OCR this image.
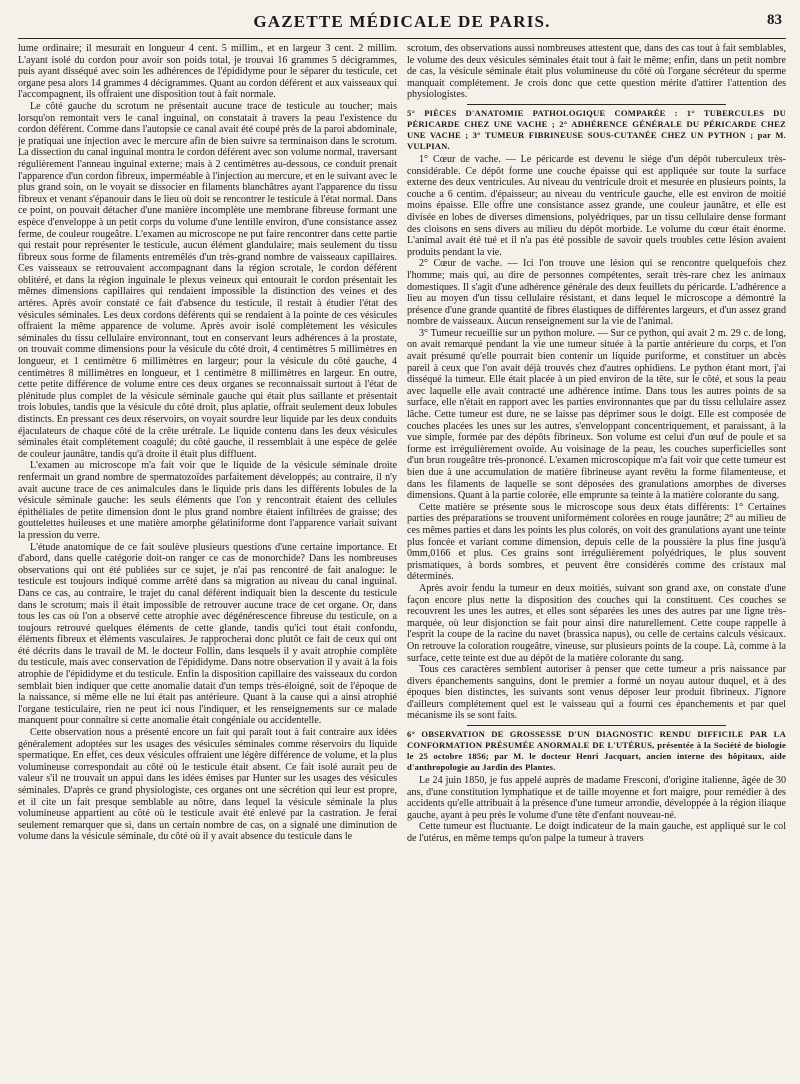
GAZETTE MÉDICALE DE PARIS.	83

lume ordinaire; il mesurait en longueur 4 cent. 5 millim., et en largeur 3 cent. 2 millim. L'ayant isolé du cordon pour avoir son poids total, je trouvai 16 grammes 5 décigrammes, puis ayant disséqué avec soin les adhérences de l'épididyme pour le séparer du testicule, cet organe pesa alors 14 grammes 4 décigrammes. Quant au cordon déférent et aux vaisseaux qui l'accompagnent, ils offraient une disposition tout à fait normale.

Le côté gauche du scrotum ne présentait aucune trace de testicule au toucher; mais lorsqu'on remontait vers le canal inguinal, on constatait à travers la peau l'existence du cordon déférent. Comme dans l'autopsie ce canal avait été coupé près de la paroi abdominale, je pratiquai une injection avec le mercure afin de bien suivre sa terminaison dans le scrotum. La dissection du canal inguinal montra le cordon déférent avec son volume normal, traversant régulièrement l'anneau inguinal externe; mais à 2 centimètres au-dessous, ce conduit prenait l'apparence d'un cordon fibreux, imperméable à l'injection au mercure, et en le suivant avec le plus grand soin, on le voyait se dissocier en filaments blanchâtres ayant l'apparence du tissu fibreux et venant s'épanouir dans le lieu où doit se rencontrer le testicule à l'état normal. Dans ce point, on pouvait détacher d'une manière incomplète une membrane fibreuse formant une espèce d'enveloppe à un petit corps du volume d'une lentille environ, d'une consistance assez ferme, de couleur rougeâtre. L'examen au microscope ne put faire rencontrer dans cette partie qui restait pour représenter le testicule, aucun élément glandulaire; mais seulement du tissu fibreux sous forme de filaments entremêlés d'un très-grand nombre de vaisseaux capillaires. Ces vaisseaux se retrouvaient accompagnant dans la région scrotale, le cordon déférent oblitéré, et dans la région inguinale le plexus veineux qui entourait le cordon présentait les mêmes dimensions capillaires qui rendaient impossible la distinction des veines et des artères. Après avoir constaté ce fait d'absence du testicule, il restait à étudier l'état des vésicules séminales. Les deux cordons déférents qui se rendaient à la pointe de ces vésicules offraient la même apparence de volume. Après avoir isolé complètement les vésicules séminales du tissu cellulaire environnant, tout en conservant leurs adhérences à la prostate, on trouvait comme dimensions pour la vésicule du côté droit, 4 centimètres 5 millimètres en longueur, et 1 centimètre 6 millimètres en largeur; pour la vésicule du côté gauche, 4 centimètres 8 millimètres en longueur, et 1 centimètre 8 millimètres en largeur. En outre, cette petite différence de volume entre ces deux organes se reconnaissait surtout à l'état de plénitude plus complet de la vésicule séminale gauche qui était plus saillante et présentait trois lobules, tandis que la vésicule du côté droit, plus aplatie, offrait seulement deux lobules distincts. En pressant ces deux réservoirs, on voyait sourdre leur liquide par les deux conduits éjaculateurs de chaque côté de la crête urétrale. Le liquide contenu dans les deux vésicules séminales était complétement coagulé; du côté gauche, il ressemblait à une espèce de gelée de couleur jaunâtre, tandis qu'à droite il était plus diffluent.

L'examen au microscope m'a fait voir que le liquide de la vésicule séminale droite renfermait un grand nombre de spermatozoïdes parfaitement développés; au contraire, il n'y avait aucune trace de ces animalcules dans le liquide pris dans les différents lobules de la vésicule séminale gauche: les seuls éléments que l'on y rencontrait étaient des cellules épithéliales de petite dimension dont le plus grand nombre étaient infiltrées de graisse; des gouttelettes huileuses et une matière amorphe gélatiniforme dont l'apparence variait suivant la pression du verre.

L'étude anatomique de ce fait soulève plusieurs questions d'une certaine importance. Et d'abord, dans quelle catégorie doit-on ranger ce cas de monorchide? Dans les nombreuses observations qui ont été publiées sur ce sujet, je n'ai pas rencontré de fait analogue: le testicule est toujours indiqué comme arrêté dans sa migration au niveau du canal inguinal. Dans ce cas, au contraire, le trajet du canal déférent indiquait bien la descente du testicule dans le scrotum; mais il était impossible de retrouver aucune trace de cet organe. Or, dans tous les cas où l'on a observé cette atrophie avec dégénérescence fibreuse du testicule, on a toujours retrouvé quelques éléments de cette glande, tandis qu'ici tout était confondu, éléments fibreux et éléments vasculaires. Je rapprocherai donc plutôt ce fait de ceux qui ont été décrits dans le travail de M. le docteur Follin, dans lesquels il y avait atrophie complète du testicule, mais avec conservation de l'épididyme. Dans notre observation il y avait à la fois atrophie de l'épididyme et du testicule. Enfin la disposition capillaire des vaisseaux du cordon semblait bien indiquer que cette anomalie datait d'un temps très-éloigné, soit de l'époque de la naissance, si même elle ne lui était pas antérieure. Quant à la cause qui a ainsi atrophié l'organe testiculaire, rien ne peut ici nous l'indiquer, et les renseignements sur ce malade manquent pour connaître si cette anomalie était congéniale ou accidentelle.

Cette observation nous a présenté encore un fait qui paraît tout à fait contraire aux idées généralement adoptées sur les usages des vésicules séminales comme réservoirs du liquide spermatique. En effet, ces deux vésicules offraient une légère différence de volume, et la plus volumineuse correspondait au côté où le testicule était absent. Ce fait isolé aurait peu de valeur s'il ne trouvait un appui dans les idées émises par Hunter sur les usages des vésicules séminales. D'après ce grand physiologiste, ces organes ont une sécrétion qui leur est propre, et il cite un fait presque semblable au nôtre, dans lequel la vésicule séminale la plus volumineuse appartient au côté où le testicule avait été enlevé par la castration. Je ferai seulement remarquer que si, dans un certain nombre de cas, on a signalé une diminution de volume dans la vésicule séminale, du côté où il y avait absence du testicule dans le

scrotum, des observations aussi nombreuses attestent que, dans des cas tout à fait semblables, le volume des deux vésicules séminales était tout à fait le même; enfin, dans un petit nombre de cas, la vésicule séminale était plus volumineuse du côté où l'organe sécréteur du sperme manquait complétement. Je crois donc que cette question mérite d'attirer l'attention des physiologistes.

5° PIÈCES D'ANATOMIE PATHOLOGIQUE COMPARÉE : 1° TUBERCULES DU PÉRICARDE CHEZ UNE VACHE ; 2° ADHÉRENCE GÉNÉRALE DU PÉRICARDE CHEZ UNE VACHE ; 3° TUMEUR FIBRINEUSE SOUS-CUTANÉE CHEZ UN PYTHON ; par M. VULPIAN.

1° Cœur de vache. — Le péricarde est devenu le siége d'un dépôt tuberculeux très-considérable. Ce dépôt forme une couche épaisse qui est appliquée sur toute la surface externe des deux ventricules. Au niveau du ventricule droit et mesurée en plusieurs points, la couche a 6 centim. d'épaisseur; au niveau du ventricule gauche, elle est environ de moitié moins épaisse. Elle offre une consistance assez grande, une couleur jaunâtre, et elle est divisée en lobes de diverses dimensions, polyédriques, par un tissu cellulaire dense formant des cloisons en sens divers au milieu du dépôt morbide. Le volume du cœur était énorme. L'animal avait été tué et il n'a pas été possible de savoir quels troubles cette lésion avaient produits pendant la vie.

2° Cœur de vache. — Ici l'on trouve une lésion qui se rencontre quelquefois chez l'homme; mais qui, au dire de personnes compétentes, serait très-rare chez les animaux domestiques. Il s'agit d'une adhérence générale des deux feuillets du péricarde. L'adhérence a lieu au moyen d'un tissu cellulaire résistant, et dans lequel le microscope a démontré la présence d'une grande quantité de fibres élastiques de différentes largeurs, et d'un assez grand nombre de vaisseaux. Aucun renseignement sur la vie de l'animal.

3° Tumeur recueillie sur un python molure. — Sur ce python, qui avait 2 m. 29 c. de long, on avait remarqué pendant la vie une tumeur située à la partie antérieure du corps, et l'on avait présumé qu'elle pourrait bien contenir un liquide puriforme, et constituer un abcès pareil à ceux que l'on avait déjà trouvés chez d'autres ophidiens. Le python étant mort, j'ai disséqué la tumeur. Elle était placée à un pied environ de la tête, sur le côté, et sous la peau avec laquelle elle avait contracté une adhérence intime. Dans tous les autres points de sa surface, elle n'était en rapport avec les parties environnantes que par du tissu cellulaire assez lâche. Cette tumeur est dure, ne se laisse pas déprimer sous le doigt. Elle est composée de couches placées les unes sur les autres, s'enveloppant concentriquement, et paraissant, à la vue simple, formée par des dépôts fibrineux. Son volume est celui d'un œuf de poule et sa forme est irrégulièrement ovoïde. Au voisinage de la peau, les couches superficielles sont d'un brun rougeâtre très-prononcé. L'examen microscopique m'a fait voir que cette tumeur est bien due à une accumulation de matière fibrineuse ayant revêtu la forme filamenteuse, et dans les filaments de laquelle se sont déposées des granulations amorphes de diverses dimensions. Quant à la partie colorée, elle emprunte sa teinte à la matière colorante du sang.

Cette matière se présente sous le microscope sous deux états différents: 1° Certaines parties des préparations se trouvent uniformément colorées en rouge jaunâtre; 2° au milieu de ces mêmes parties et dans les points les plus colorés, on voit des granulations ayant une teinte plus foncée et variant comme dimension, depuis celle de la poussière la plus fine jusqu'à 0mm,0166 et plus. Ces grains sont irrégulièrement polyédriques, le plus souvent prismatiques, à bords sombres, et peuvent être considérés comme des cristaux mal déterminés.

Après avoir fendu la tumeur en deux moitiés, suivant son grand axe, on constate d'une façon encore plus nette la disposition des couches qui la constituent. Ces couches se recouvrent les unes les autres, et elles sont séparées les unes des autres par une ligne très-marquée, où leur disjonction se fait pour ainsi dire naturellement. Cette coupe rappelle à l'esprit la coupe de la racine du navet (brassica napus), ou celle de certains calculs vésicaux. On retrouve la coloration rougeâtre, vineuse, sur plusieurs points de la coupe. Là, comme à la surface, cette teinte est due au dépôt de la matière colorante du sang.

Tous ces caractères semblent autoriser à penser que cette tumeur a pris naissance par divers épanchements sanguins, dont le premier a formé un noyau autour duquel, et à des époques bien distinctes, les suivants sont venus déposer leur produit fibrineux. J'ignore d'ailleurs complétement quel est le vaisseau qui a fourni ces épanchements et par quel mécanisme ils se sont faits.

6° OBSERVATION DE GROSSESSE D'UN DIAGNOSTIC RENDU DIFFICILE PAR LA CONFORMATION PRÉSUMÉE ANORMALE DE L'UTÉRUS, présentée à la Société de biologie le 25 octobre 1856; par M. le docteur Henri Jacquart, ancien interne des hôpitaux, aide d'anthropologie au Jardin des Plantes.

Le 24 juin 1850, je fus appelé auprès de madame Fresconi, d'origine italienne, âgée de 30 ans, d'une constitution lymphatique et de taille moyenne et fort maigre, pour remédier à des accidents qu'elle attribuait à la présence d'une tumeur arrondie, développée à la région iliaque gauche, ayant à peu près le volume d'une tête d'enfant nouveau-né.

Cette tumeur est fluctuante. Le doigt indicateur de la main gauche, est appliqué sur le col de l'utérus, en même temps qu'on palpe la tumeur à travers
